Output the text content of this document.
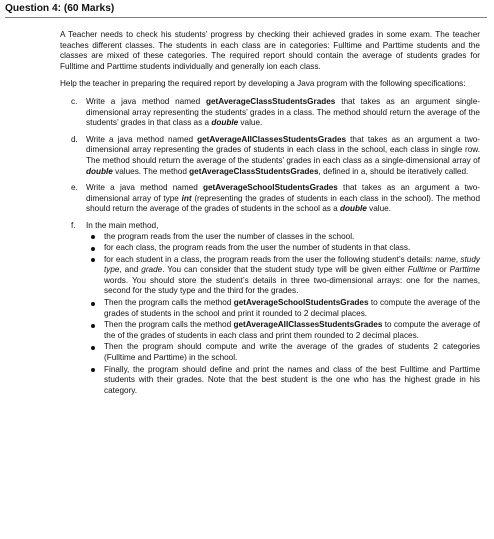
Question 4: (60 Marks)

A Teacher needs to check his students’ progress by checking their achieved grades in some exam. The teacher teaches different classes. The students in each class are in categories: Fulltime and Parttime students and the classes are mixed of these categories. The required report should contain the average of students grades for Fulltime and Parttime students individually and generally ion each class.

Help the teacher in preparing the required report by developing a Java program with the following specifications:

c. Write a java method named getAverageClassStudentsGrades that takes as an argument single-dimensional array representing the students’ grades in a class. The method should return the average of the students’ grades in that class as a double value.
d. Write a java method named getAverageAllClassesStudentsGrades that takes as an argument a two-dimensional array representing the grades of students in each class in the school, each class in single row. The method should return the average of the students’ grades in each class as a single-dimensional array of double values. The method getAverageClassStudentsGrades, defined in a, should be iteratively called.
e. Write a java method named getAverageSchoolStudentsGrades that takes as an argument a two-dimensional array of type int (representing the grades of students in each class in the school). The method should return the average of the grades of students in the school as a double value.
f. In the main method,
the program reads from the user the number of classes in the school.
for each class, the program reads from the user the number of students in that class.
for each student in a class, the program reads from the user the following student’s details: name, study type, and grade. You can consider that the student study type will be given either Fulltime or Parttime words. You should store the student’s details in three two-dimensional arrays: one for the names, second for the study type and the third for the grades.
Then the program calls the method getAverageSchoolStudentsGrades to compute the average of the grades of students in the school and print it rounded to 2 decimal places.
Then the program calls the method getAverageAllClassesStudentsGrades to compute the average of the of the grades of students in each class and print them rounded to 2 decimal places.
Then the program should compute and write the average of the grades of students 2 categories (Fulltime and Parttime) in the school.
Finally, the program should define and print the names and class of the best Fulltime and Parttime students with their grades. Note that the best student is the one who has the highest grade in his category.
